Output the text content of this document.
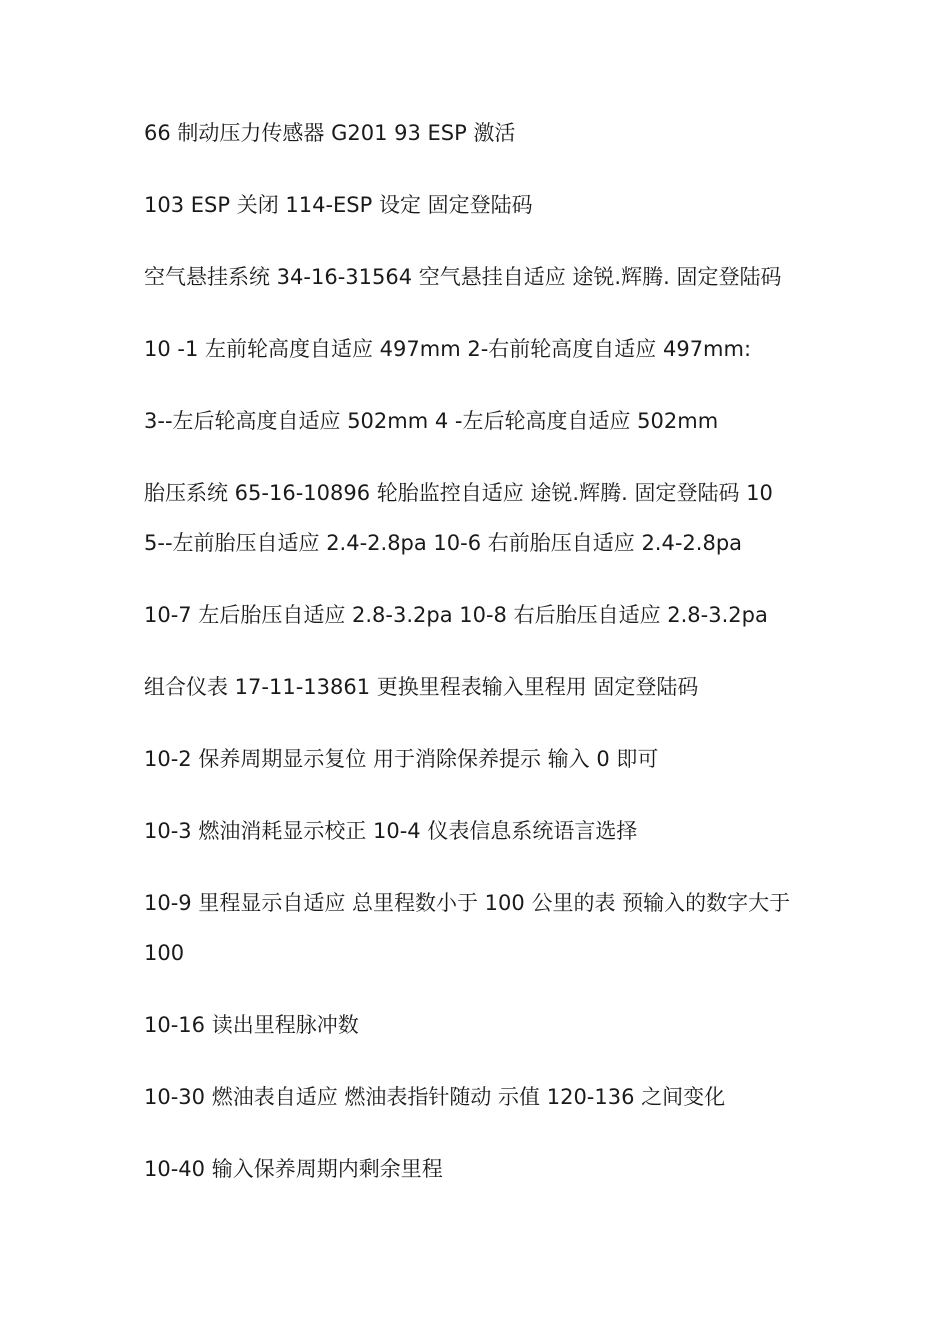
66 制动压力传感器 G201 93 ESP 激活

103 ESP 关闭 114-ESP 设定 固定登陆码

空气悬挂系统 34-16-31564 空气悬挂自适应 途锐.辉腾. 固定登陆码

10 -1 左前轮高度自适应 497mm 2-右前轮高度自适应 497mm:

3--左后轮高度自适应 502mm 4 -左后轮高度自适应 502mm

胎压系统 65-16-10896 轮胎监控自适应 途锐.辉腾. 固定登陆码 10
5--左前胎压自适应 2.4-2.8pa 10-6 右前胎压自适应 2.4-2.8pa

10-7 左后胎压自适应 2.8-3.2pa 10-8 右后胎压自适应 2.8-3.2pa

组合仪表 17-11-13861 更换里程表输入里程用 固定登陆码

10-2 保养周期显示复位 用于消除保养提示 输入 0 即可

10-3 燃油消耗显示校正 10-4 仪表信息系统语言选择

10-9 里程显示自适应 总里程数小于 100 公里的表 预输入的数字大于
100

10-16 读出里程脉冲数

10-30 燃油表自适应 燃油表指针随动 示值 120-136 之间变化

10-40 输入保养周期内剩余里程
